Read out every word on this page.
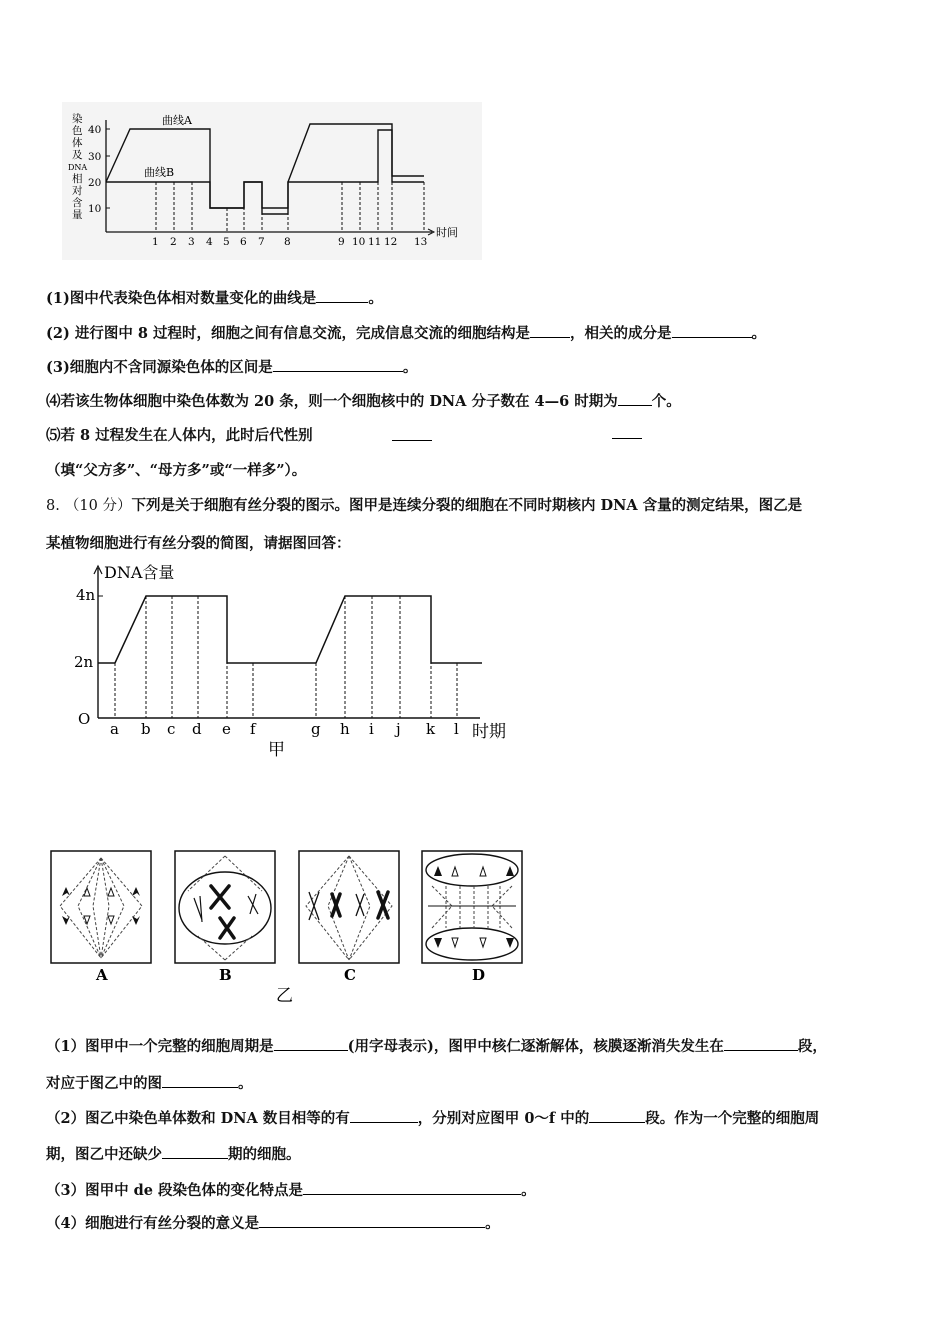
染色体及 DNA 相对含量
40
30
20
10
曲线A
曲线B
1 2 3 4 5 6 7 8	9 10 11 12 13
时间
(1)图中代表染色体相对数量变化的曲线是	。
(2) 进行图中 8 过程时，细胞之间有信息交流，完成信息交流的细胞结构是	，相关的成分是	。
(3)细胞内不含同源染色体的区间是	。
⑷若该生物体细胞中染色体数为 20 条，则一个细胞核中的 DNA 分子数在 4—6 时期为 个。
⑸若 8 过程发生在人体内，此时后代性别
（填“父方多”、“母方多”或“一样多”）。
8. （10 分）下列是关于细胞有丝分裂的图示。图甲是连续分裂的细胞在不同时期核内 DNA 含量的测定结果，图乙是
某植物细胞进行有丝分裂的简图，请据图回答：
DNA含量
4n
2n
O
a b c d e f	g h i j k l 时期
甲
A	B	C	D
乙
（1）图甲中一个完整的细胞周期是	(用字母表示)，图甲中核仁逐渐解体，核膜逐渐消失发生在	段，
对应于图乙中的图	。
（2）图乙中染色单体数和 DNA 数目相等的有	，分别对应图甲 0～f 中的	段。作为一个完整的细胞周
期，图乙中还缺少	期的细胞。
（3）图甲中 de 段染色体的变化特点是	。
（4）细胞进行有丝分裂的意义是	。
